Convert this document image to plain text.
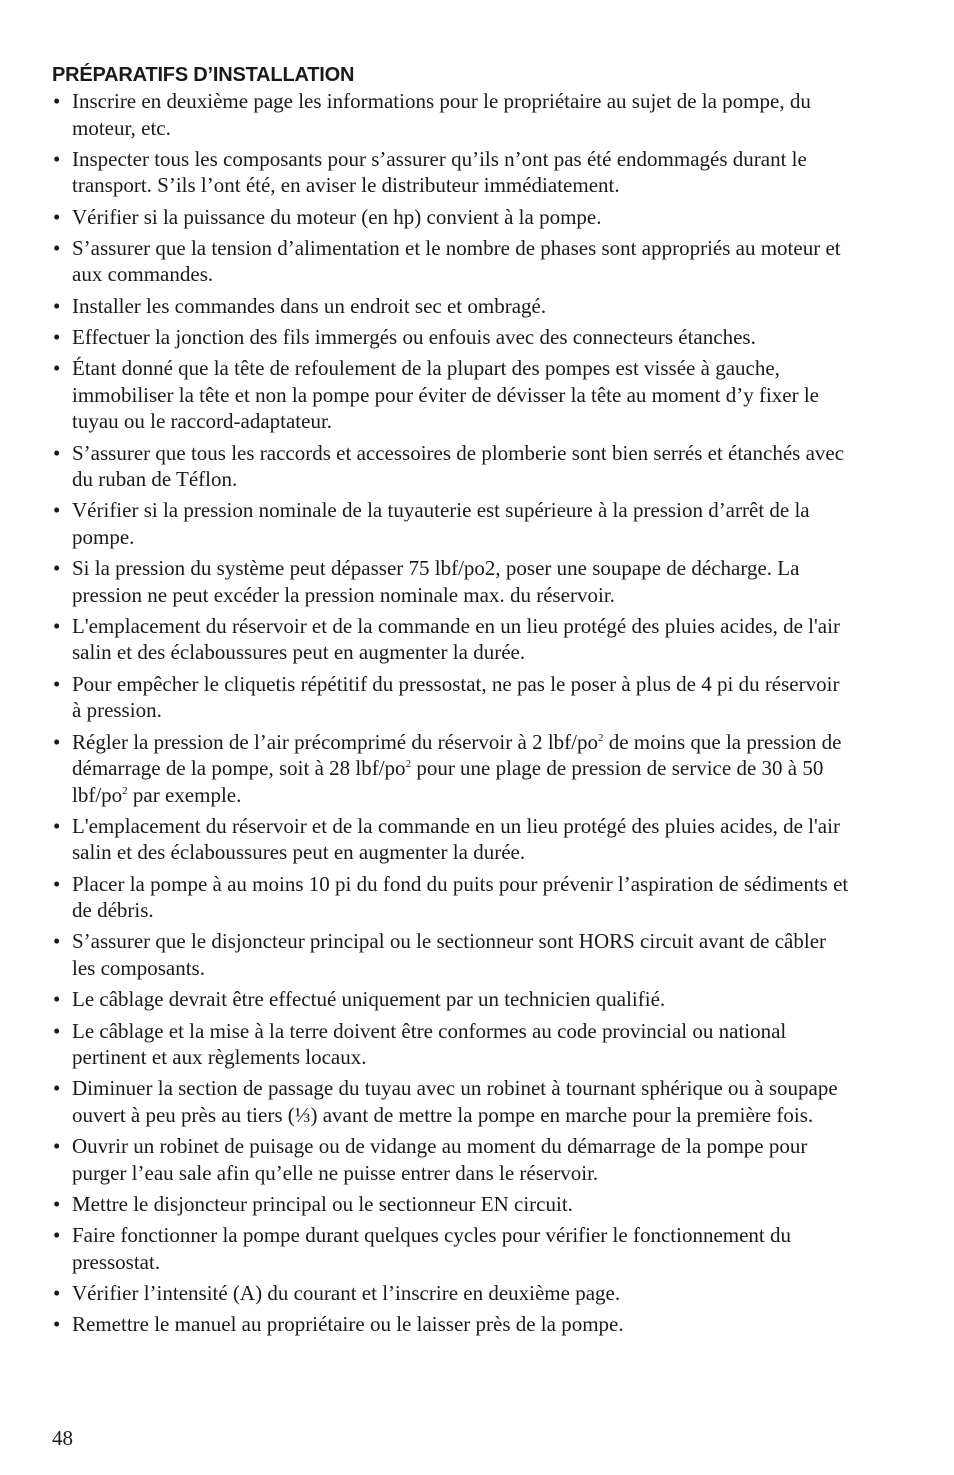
PRÉPARATIFS D’INSTALLATION
• Inscrire en deuxième page les informations pour le propriétaire au sujet de la pompe, du moteur, etc.
• Inspecter tous les composants pour s’assurer qu’ils n’ont pas été endommagés durant le transport. S’ils l’ont été, en aviser le distributeur immédiatement.
• Vérifier si la puissance du moteur (en hp) convient à la pompe.
• S’assurer que la tension d’alimentation et le nombre de phases sont appropriés au moteur et aux commandes.
• Installer les commandes dans un endroit sec et ombragé.
• Effectuer la jonction des fils immergés ou enfouis avec des connecteurs étanches.
• Étant donné que la tête de refoulement de la plupart des pompes est vissée à gauche, immobiliser la tête et non la pompe pour éviter de dévisser la tête au moment d’y fixer le tuyau ou le raccord-adaptateur.
• S’assurer que tous les raccords et accessoires de plomberie sont bien serrés et étanchés avec du ruban de Téflon.
• Vérifier si la pression nominale de la tuyauterie est supérieure à la pression d’arrêt de la pompe.
• Si la pression du système peut dépasser 75 lbf/po2, poser une soupape de décharge. La pression ne peut excéder la pression nominale max. du réservoir.
• L'emplacement du réservoir et de la commande en un lieu protégé des pluies acides, de l'air salin et des éclaboussures peut en augmenter la durée.
• Pour empêcher le cliquetis répétitif du pressostat, ne pas le poser à plus de 4 pi du réservoir à pression.
• Régler la pression de l’air précomprimé du réservoir à 2 lbf/$po^2$ de moins que la pression de démarrage de la pompe, soit à 28 lbf/$po^2$ pour une plage de pression de service de 30 à 50 lbf/$po^2$ par exemple.
• L'emplacement du réservoir et de la commande en un lieu protégé des pluies acides, de l'air salin et des éclaboussures peut en augmenter la durée.
• Placer la pompe à au moins 10 pi du fond du puits pour prévenir l’aspiration de sédiments et de débris.
• S’assurer que le disjoncteur principal ou le sectionneur sont HORS circuit avant de câbler les composants.
• Le câblage devrait être effectué uniquement par un technicien qualifié.
• Le câblage et la mise à la terre doivent être conformes au code provincial ou national pertinent et aux règlements locaux.
• Diminuer la section de passage du tuyau avec un robinet à tournant sphérique ou à soupape ouvert à peu près au tiers (⅓) avant de mettre la pompe en marche pour la première fois.
• Ouvrir un robinet de puisage ou de vidange au moment du démarrage de la pompe pour purger l’eau sale afin qu’elle ne puisse entrer dans le réservoir.
• Mettre le disjoncteur principal ou le sectionneur EN circuit.
• Faire fonctionner la pompe durant quelques cycles pour vérifier le fonctionnement du pressostat.
• Vérifier l’intensité (A) du courant et l’inscrire en deuxième page.
• Remettre le manuel au propriétaire ou le laisser près de la pompe.
48
